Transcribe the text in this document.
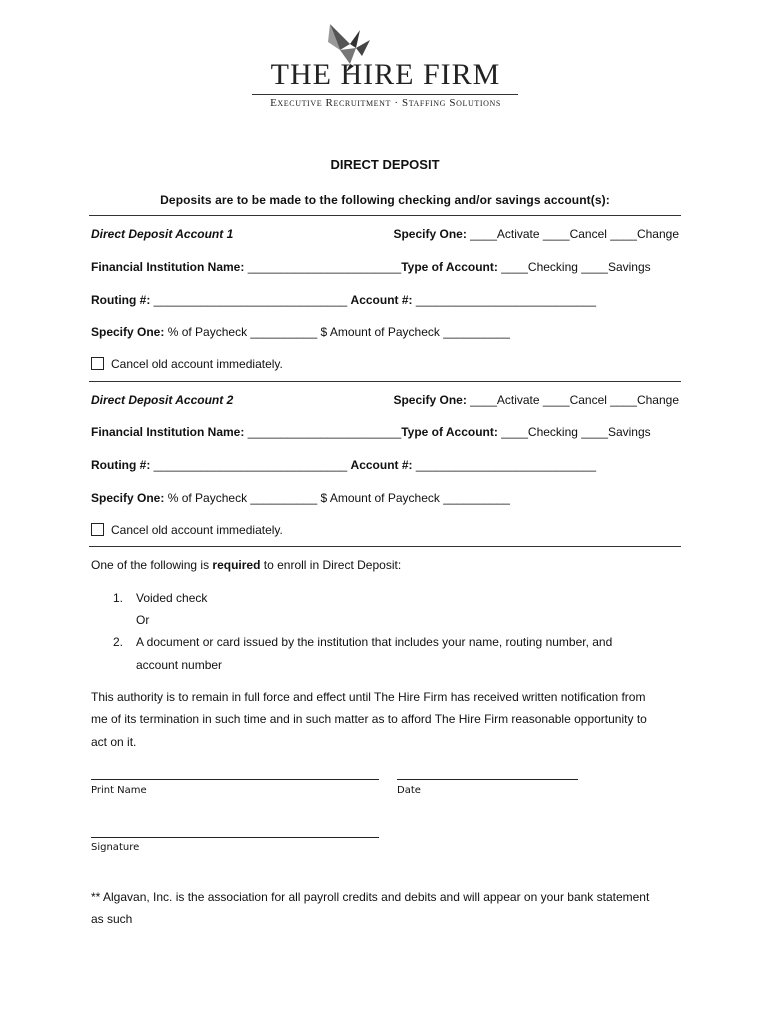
THE HIRE FIRM
Executive Recruitment · Staffing Solutions
DIRECT DEPOSIT
Deposits are to be made to the following checking and/or savings account(s):
Direct Deposit Account 1	Specify One: ____Activate ____Cancel ____Change
Financial Institution Name: _______________________Type of Account: ____Checking ____Savings
Routing #: _____________________________ Account #: ___________________________
Specify One: % of Paycheck __________ $ Amount of Paycheck __________
Cancel old account immediately.
Direct Deposit Account 2	Specify One: ____Activate ____Cancel ____Change
Financial Institution Name: _______________________Type of Account: ____Checking ____Savings
Routing #: _____________________________ Account #: ___________________________
Specify One: % of Paycheck __________ $ Amount of Paycheck __________
Cancel old account immediately.
One of the following is required to enroll in Direct Deposit:
1. Voided check
Or
2. A document or card issued by the institution that includes your name, routing number, and
account number
This authority is to remain in full force and effect until The Hire Firm has received written notification from
me of its termination in such time and in such matter as to afford The Hire Firm reasonable opportunity to
act on it.
Print Name	Date
Signature
** Algavan, Inc. is the association for all payroll credits and debits and will appear on your bank statement
as such
